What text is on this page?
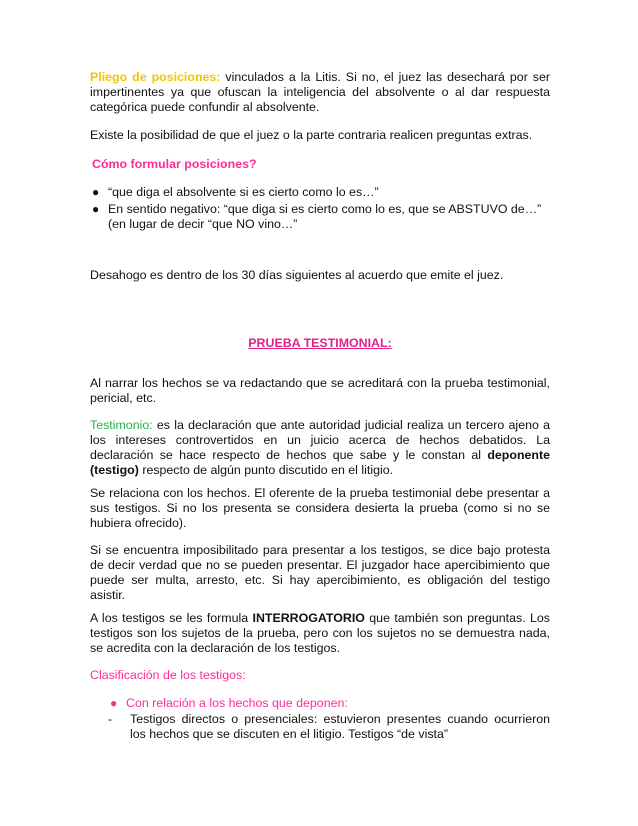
Pliego de posiciones: vinculados a la Litis. Si no, el juez las desechará por ser impertinentes ya que ofuscan la inteligencia del absolvente o al dar respuesta categórica puede confundir al absolvente.

Existe la posibilidad de que el juez o la parte contraria realicen preguntas extras.

Cómo formular posiciones?

● “que diga el absolvente si es cierto como lo es…”
● En sentido negativo: “que diga si es cierto como lo es, que se ABSTUVO de…” (en lugar de decir “que NO vino…”

Desahogo es dentro de los 30 días siguientes al acuerdo que emite el juez.

PRUEBA TESTIMONIAL:

Al narrar los hechos se va redactando que se acreditará con la prueba testimonial, pericial, etc.

Testimonio: es la declaración que ante autoridad judicial realiza un tercero ajeno a los intereses controvertidos en un juicio acerca de hechos debatidos. La declaración se hace respecto de hechos que sabe y le constan al deponente (testigo) respecto de algún punto discutido en el litigio.

Se relaciona con los hechos. El oferente de la prueba testimonial debe presentar a sus testigos. Si no los presenta se considera desierta la prueba (como si no se hubiera ofrecido).

Si se encuentra imposibilitado para presentar a los testigos, se dice bajo protesta de decir verdad que no se pueden presentar. El juzgador hace apercibimiento que puede ser multa, arresto, etc. Si hay apercibimiento, es obligación del testigo asistir.

A los testigos se les formula INTERROGATORIO que también son preguntas. Los testigos son los sujetos de la prueba, pero con los sujetos no se demuestra nada, se acredita con la declaración de los testigos.

Clasificación de los testigos:

● Con relación a los hechos que deponen:

- Testigos directos o presenciales: estuvieron presentes cuando ocurrieron los hechos que se discuten en el litigio. Testigos “de vista”
